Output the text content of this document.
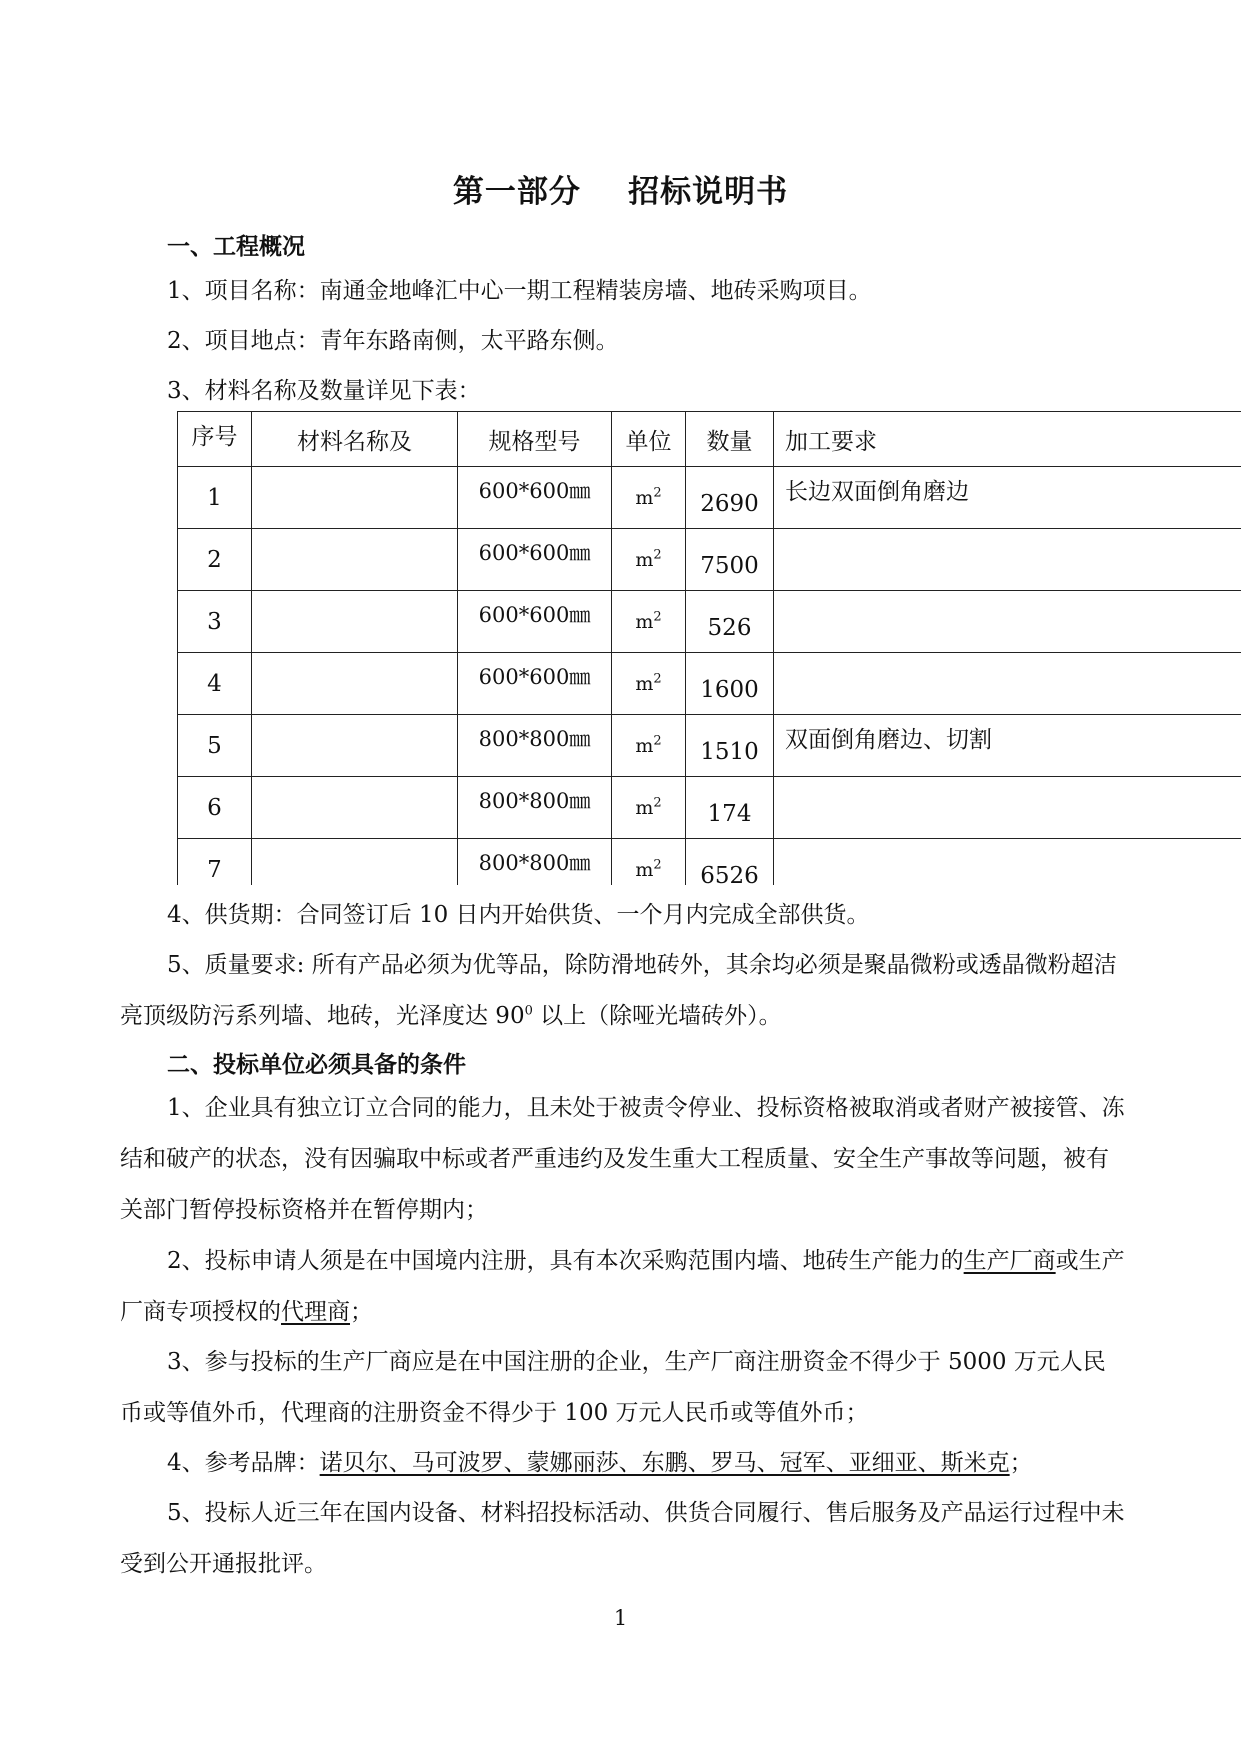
第一部分    招标说明书
一、工程概况

1、项目名称：南通金地峰汇中心一期工程精装房墙、地砖采购项目。

2、项目地点：青年东路南侧，太平路东侧。

3、材料名称及数量详见下表：

序号	材料名称及	规格型号	单位	数量	加工要求
1		600*600㎜	$m^2$	2690	长边双面倒角磨边
2		600*600㎜	$m^2$	7500	
3		600*600㎜	$m^2$	526	
4		600*600㎜	$m^2$	1600	
5		800*800㎜	$m^2$	1510	双面倒角磨边、切割
6		800*800㎜	$m^2$	174	
7		800*800㎜	$m^2$	6526	

4、供货期：合同签订后 10 日内开始供货、一个月内完成全部供货。

5、质量要求: 所有产品必须为优等品，除防滑地砖外，其余均必须是聚晶微粉或透晶微粉超洁亮顶级防污系列墙、地砖，光泽度达 $90^0$ 以上（除哑光墙砖外）。

二、投标单位必须具备的条件

1、企业具有独立订立合同的能力，且未处于被责令停业、投标资格被取消或者财产被接管、冻结和破产的状态，没有因骗取中标或者严重违约及发生重大工程质量、安全生产事故等问题，被有关部门暂停投标资格并在暂停期内；

2、投标申请人须是在中国境内注册，具有本次采购范围内墙、地砖生产能力的生产厂商或生产厂商专项授权的代理商；

3、参与投标的生产厂商应是在中国注册的企业，生产厂商注册资金不得少于 5000 万元人民币或等值外币，代理商的注册资金不得少于 100 万元人民币或等值外币；

4、参考品牌：诺贝尔、马可波罗、蒙娜丽莎、东鹏、罗马、冠军、亚细亚、斯米克；

5、投标人近三年在国内设备、材料招投标活动、供货合同履行、售后服务及产品运行过程中未受到公开通报批评。

1
